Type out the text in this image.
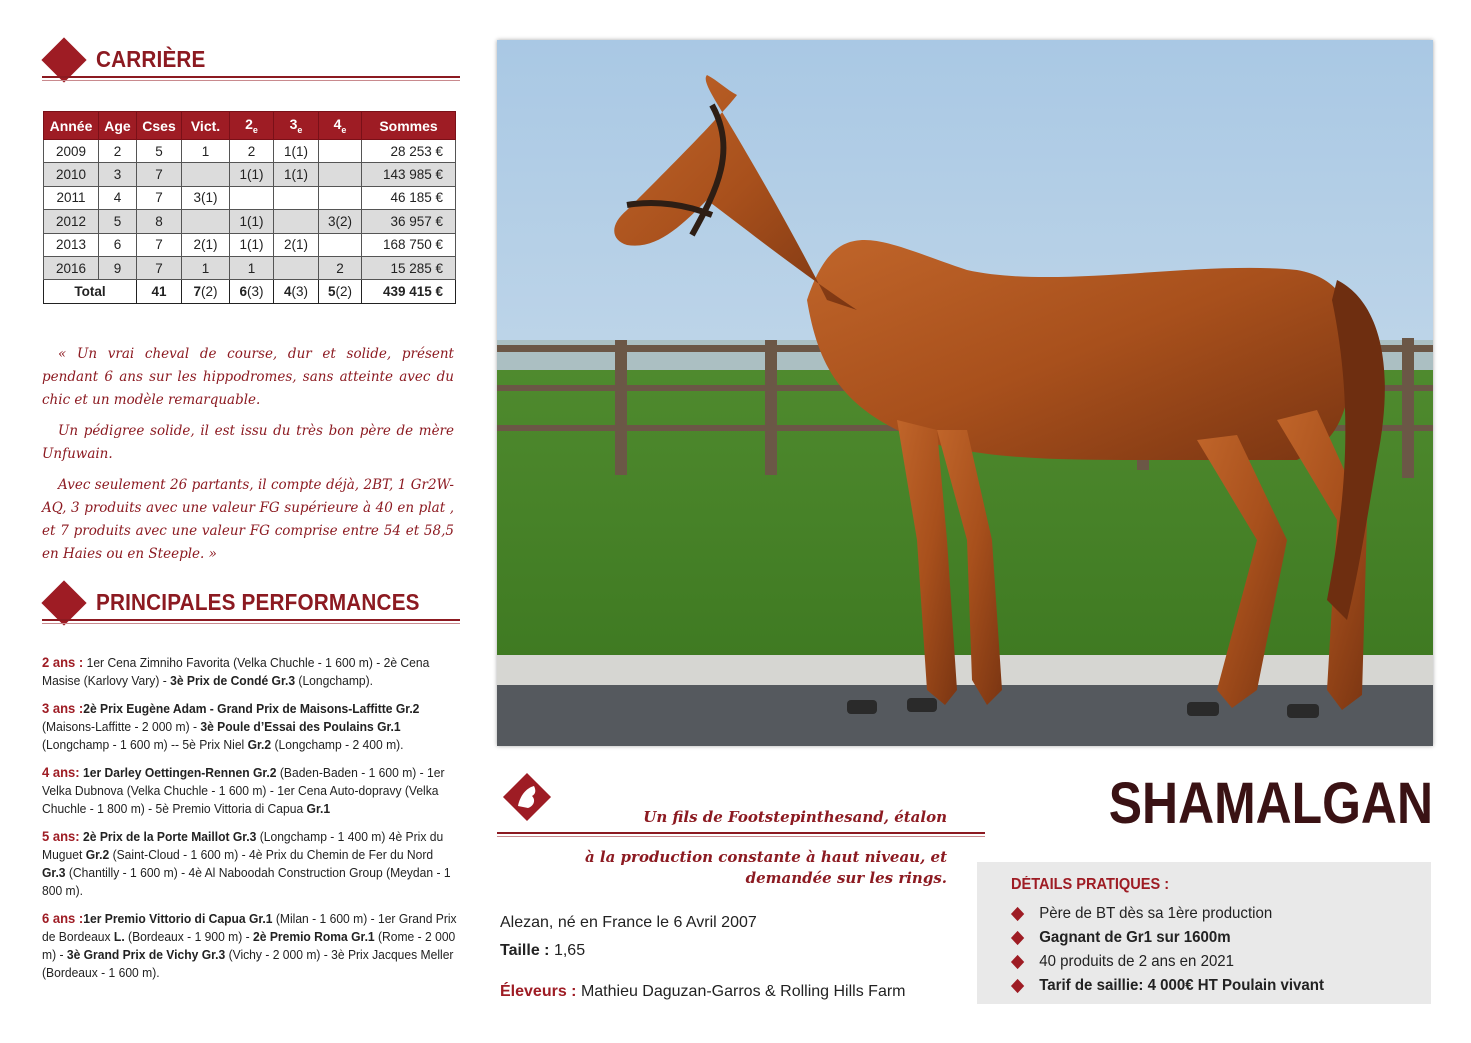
CARRIÈRE
Année	Age	Cses	Vict.	$2_e$	$3_e$	$4_e$	Sommes
2009	2	5	1	2	1(1)		28 253 €
2010	3	7		1(1)	1(1)		143 985 €
2011	4	7	3(1)				46 185 €
2012	5	8		1(1)		3(2)	36 957 €
2013	6	7	2(1)	1(1)	2(1)		168 750 €
2016	9	7	1	1		2	15 285 €
Total		41	7(2)	6(3)	4(3)	5(2)	439 415 €

« Un vrai cheval de course, dur et solide, présent pendant 6 ans sur les hippodromes, sans atteinte avec du chic et un modèle remarquable.

Un pédigree solide, il est issu du très bon père de mère Unfuwain.

Avec seulement 26 partants, il compte déjà, 2BT, 1 Gr2W-AQ, 3 produits avec une valeur FG supérieure à 40 en plat , et 7 produits avec une valeur FG comprise entre 54 et 58,5 en Haies ou en Steeple. »

PRINCIPALES PERFORMANCES

2 ans : 1er Cena Zimniho Favorita (Velka Chuchle - 1 600 m) - 2è Cena Masise (Karlovy Vary) - 3è Prix de Condé Gr.3 (Longchamp).

3 ans :2è Prix Eugène Adam - Grand Prix de Maisons-Laffitte Gr.2 (Maisons-Laffitte - 2 000 m) - 3è Poule d’Essai des Poulains Gr.1 (Longchamp - 1 600 m) -- 5è Prix Niel Gr.2 (Longchamp - 2 400 m).

4 ans: 1er Darley Oettingen-Rennen Gr.2 (Baden-Baden - 1 600 m) - 1er Velka Dubnova (Velka Chuchle - 1 600 m) - 1er Cena Auto-dopravy (Velka Chuchle - 1 800 m) - 5è Premio Vittoria di Capua Gr.1

5 ans: 2è Prix de la Porte Maillot Gr.3 (Longchamp - 1 400 m) 4è Prix du Muguet Gr.2 (Saint-Cloud - 1 600 m) - 4è Prix du Chemin de Fer du Nord Gr.3 (Chantilly - 1 600 m) - 4è Al Naboodah Construction Group (Meydan - 1 800 m).

6 ans :1er Premio Vittorio di Capua Gr.1 (Milan - 1 600 m) - 1er Grand Prix de Bordeaux L. (Bordeaux - 1 900 m) - 2è Premio Roma Gr.1 (Rome - 2 000 m) - 3è Grand Prix de Vichy Gr.3 (Vichy - 2 000 m) - 3è Prix Jacques Meller (Bordeaux - 1 600 m).

Un fils de Footstepinthesand, étalon
à la production constante à haut niveau, et
demandée sur les rings.
Alezan, né en France le 6 Avril 2007
Taille : 1,65
Éleveurs : Mathieu Daguzan-Garros & Rolling Hills Farm
SHAMALGAN
DÉTAILS PRATIQUES :
Père de BT dès sa 1ère production
Gagnant de Gr1 sur 1600m
40 produits de 2 ans en 2021
Tarif de saillie: 4 000€ HT Poulain vivant
